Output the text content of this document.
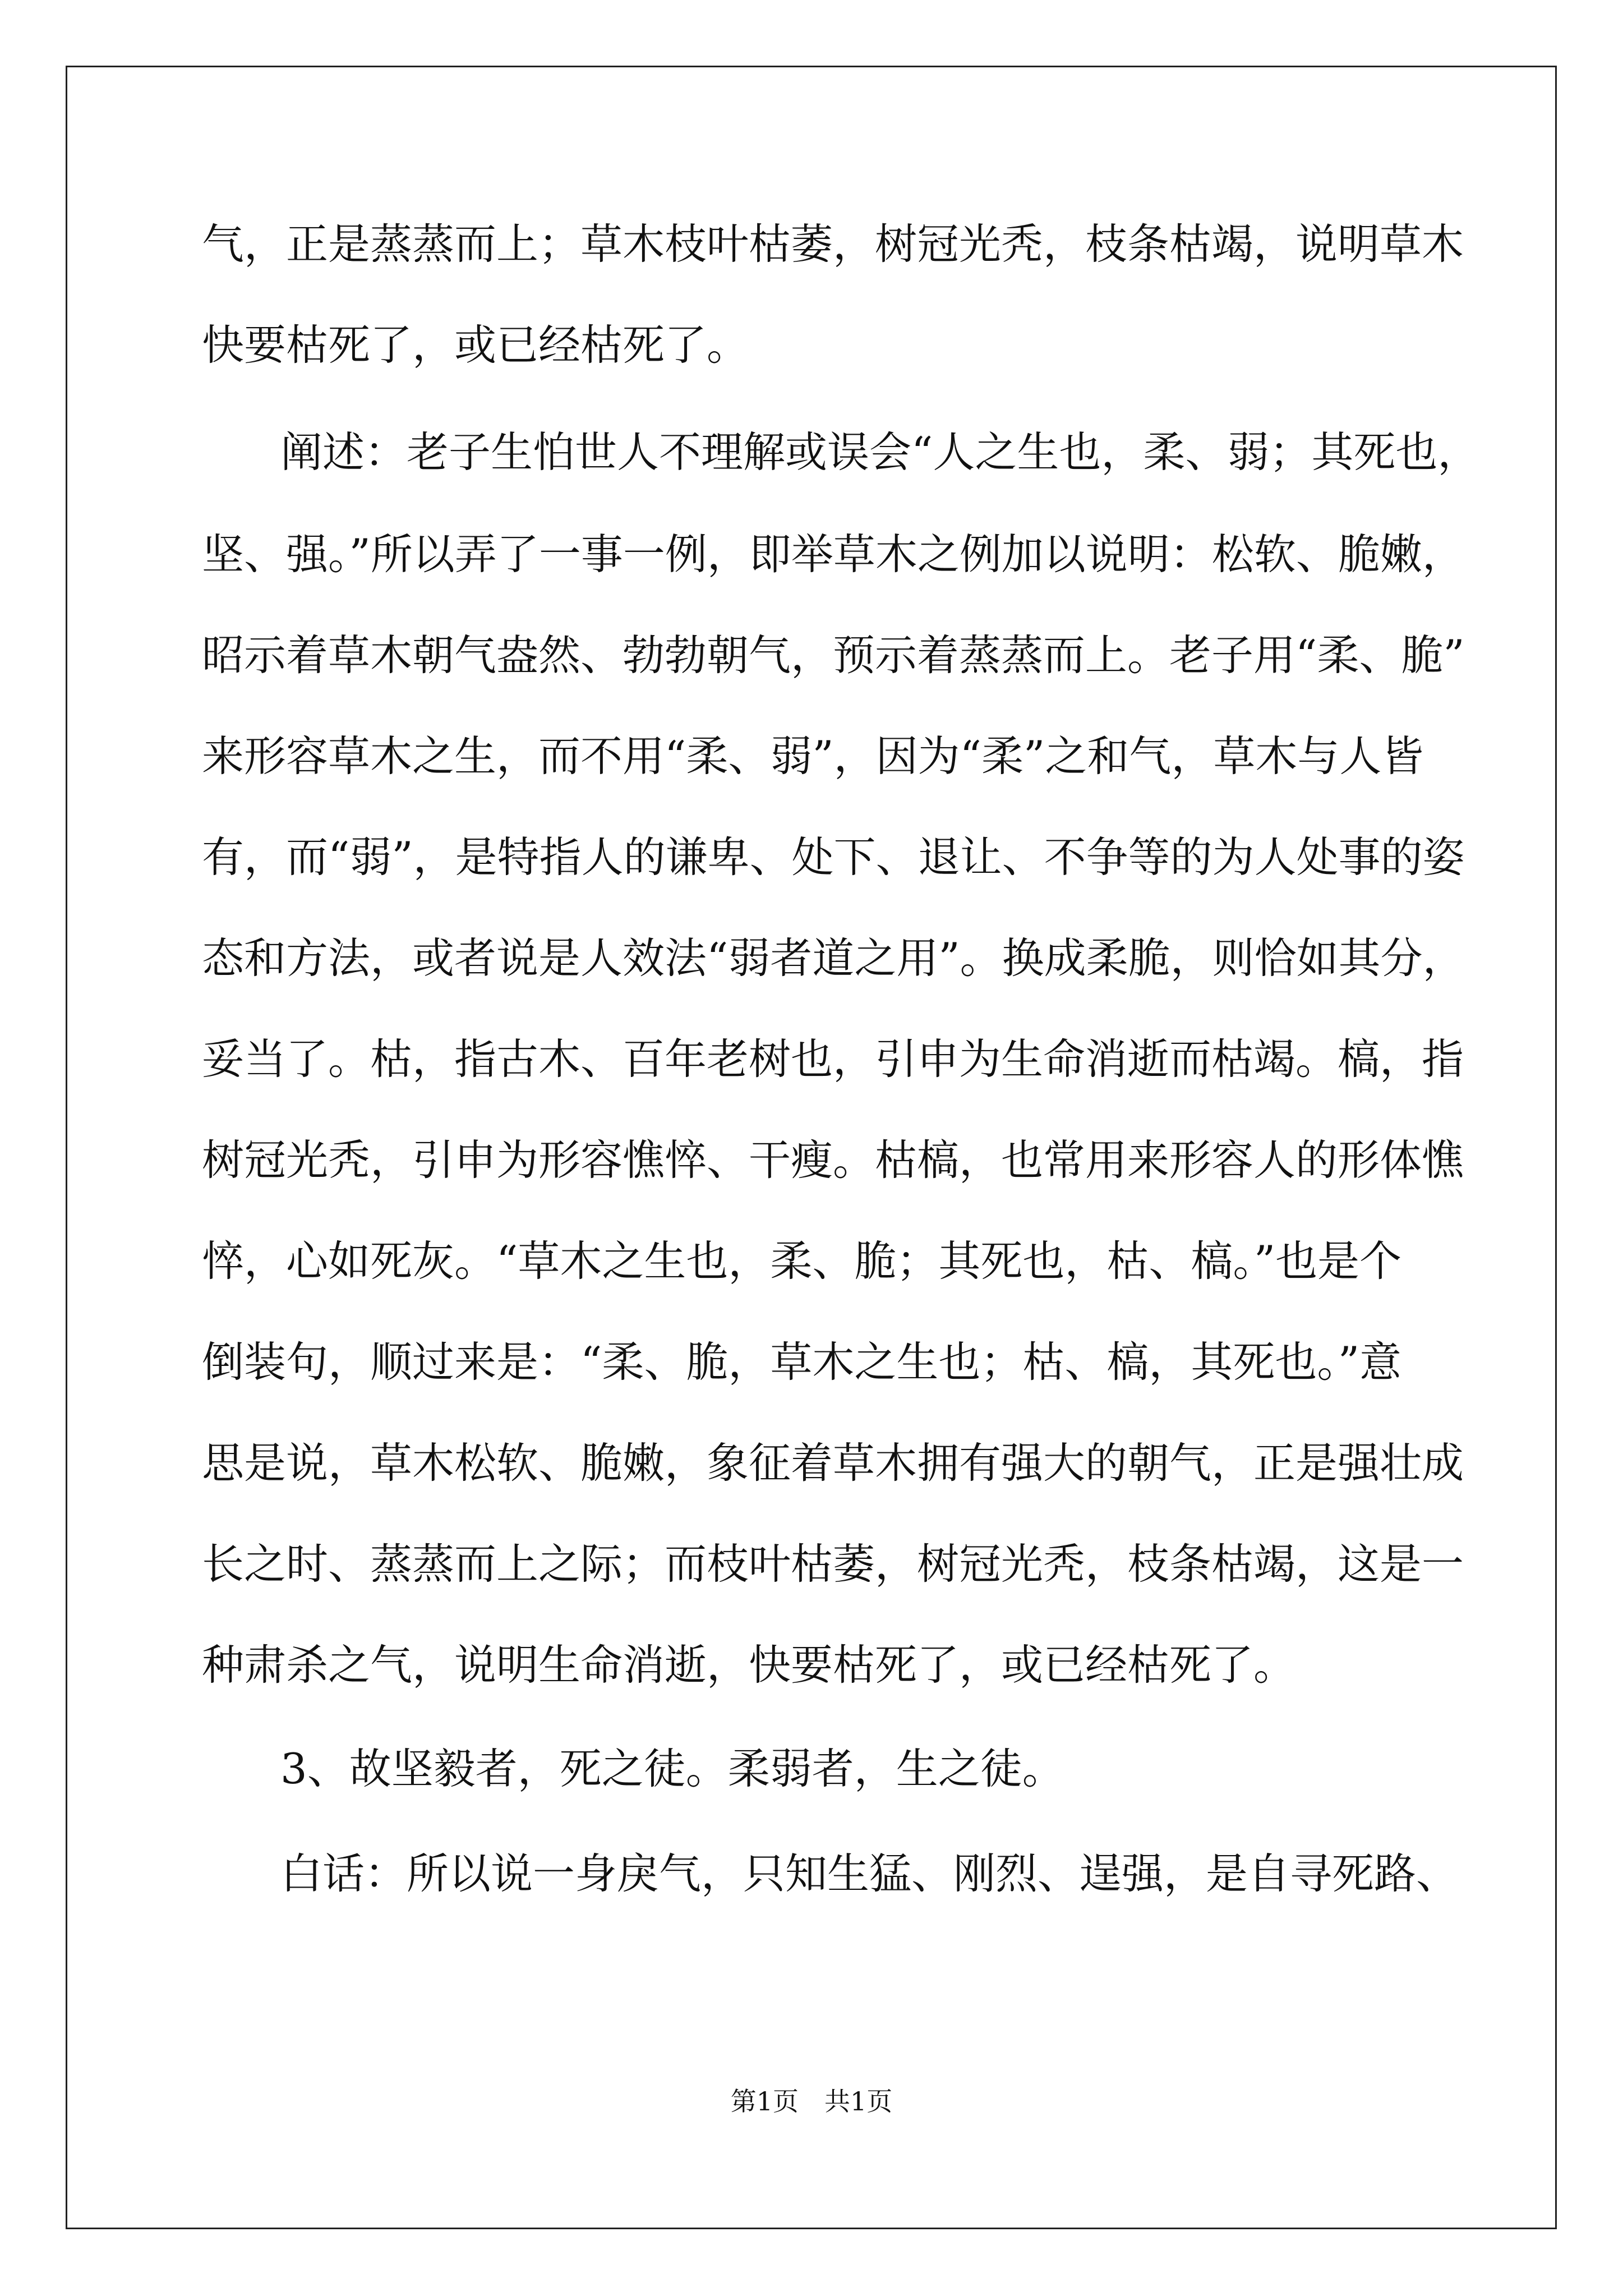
气，正是蒸蒸而上；草木枝叶枯萎，树冠光秃，枝条枯竭，说明草木
快要枯死了，或已经枯死了。
阐述：老子生怕世人不理解或误会“人之生也，柔、弱；其死也，
坚、强。”所以弄了一事一例，即举草木之例加以说明：松软、脆嫩，
昭示着草木朝气盎然、勃勃朝气，预示着蒸蒸而上。老子用“柔、脆”
来形容草木之生，而不用“柔、弱”，因为“柔”之和气，草木与人皆
有，而“弱”，是特指人的谦卑、处下、退让、不争等的为人处事的姿
态和方法，或者说是人效法“弱者道之用”。换成柔脆，则恰如其分，
妥当了。枯，指古木、百年老树也，引申为生命消逝而枯竭。槁，指
树冠光秃，引申为形容憔悴、干瘦。枯槁，也常用来形容人的形体憔
悴，心如死灰。“草木之生也，柔、脆；其死也，枯、槁。”也是个
倒装句，顺过来是：“柔、脆，草木之生也；枯、槁，其死也。”意
思是说，草木松软、脆嫩，象征着草木拥有强大的朝气，正是强壮成
长之时、蒸蒸而上之际；而枝叶枯萎，树冠光秃，枝条枯竭，这是一
种肃杀之气，说明生命消逝，快要枯死了，或已经枯死了。
3、故坚毅者，死之徒。柔弱者，生之徒。
白话：所以说一身戾气，只知生猛、刚烈、逞强，是自寻死路、
第1页 共1页
